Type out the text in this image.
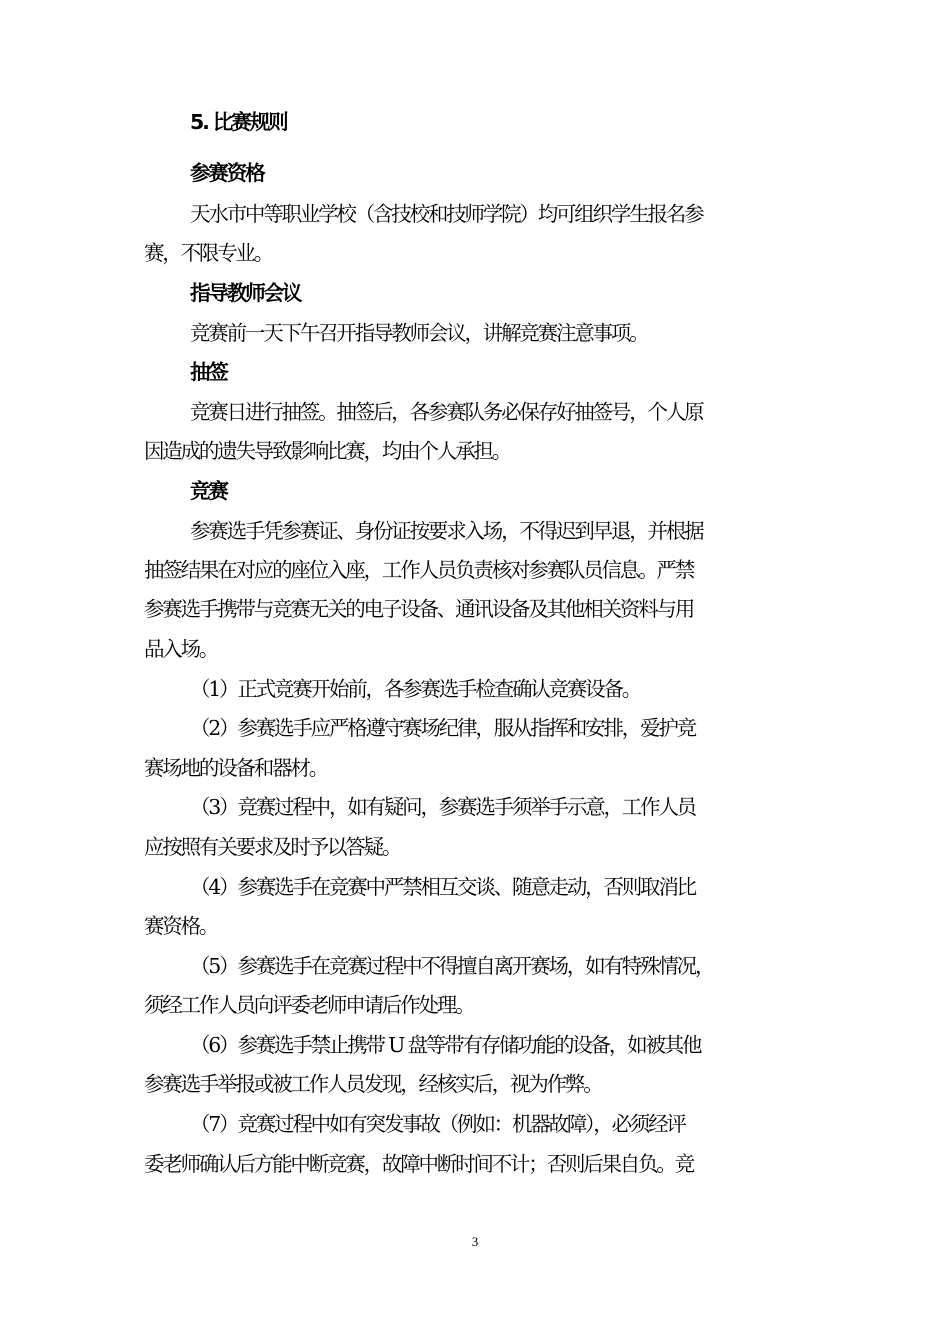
5. 比赛规则
参赛资格
天水市中等职业学校（含技校和技师学院）均可组织学生报名参
赛，不限专业。
指导教师会议
竞赛前一天下午召开指导教师会议，讲解竞赛注意事项。
抽签
竞赛日进行抽签。抽签后，各参赛队务必保存好抽签号，个人原
因造成的遗失导致影响比赛，均由个人承担。
竞赛
参赛选手凭参赛证、身份证按要求入场，不得迟到早退，并根据
抽签结果在对应的座位入座，工作人员负责核对参赛队员信息。严禁
参赛选手携带与竞赛无关的电子设备、通讯设备及其他相关资料与用
品入场。
（1）正式竞赛开始前，各参赛选手检查确认竞赛设备。
（2）参赛选手应严格遵守赛场纪律，服从指挥和安排，爱护竞
赛场地的设备和器材。
（3）竞赛过程中，如有疑问，参赛选手须举手示意，工作人员
应按照有关要求及时予以答疑。
（4）参赛选手在竞赛中严禁相互交谈、随意走动，否则取消比
赛资格。
（5）参赛选手在竞赛过程中不得擅自离开赛场，如有特殊情况，
须经工作人员向评委老师申请后作处理。
（6）参赛选手禁止携带 U 盘等带有存储功能的设备，如被其他
参赛选手举报或被工作人员发现，经核实后，视为作弊。
（7）竞赛过程中如有突发事故（例如：机器故障），必须经评
委老师确认后方能中断竞赛，故障中断时间不计；否则后果自负。竞
3
